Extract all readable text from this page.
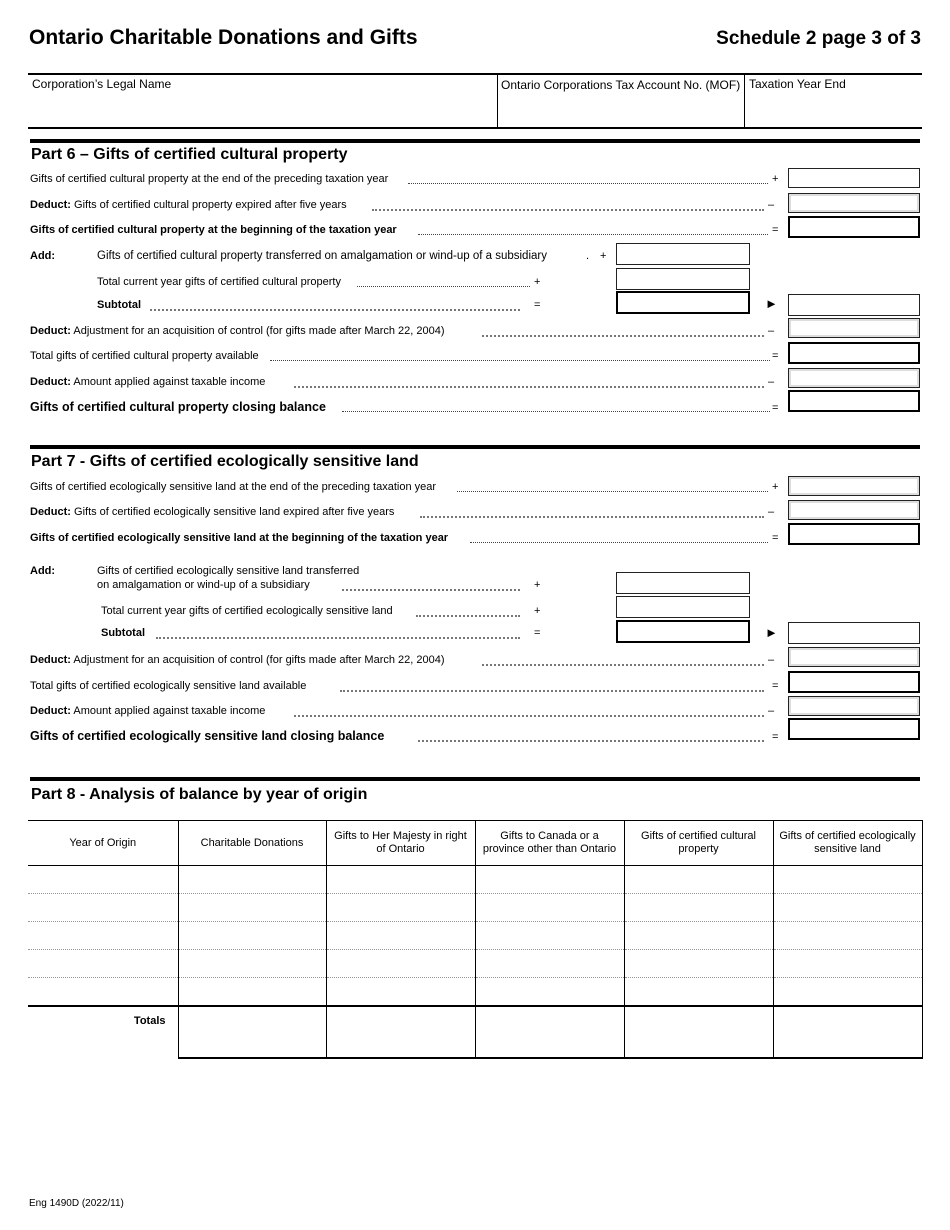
Ontario Charitable Donations and Gifts	Schedule 2 page 3 of 3
Corporation’s Legal Name	Ontario Corporations Tax Account No. (MOF) Taxation Year End
Part 6 – Gifts of certified cultural property
Gifts of certified cultural property at the end of the preceding taxation year	+
Deduct: Gifts of certified cultural property expired after five years	–
Gifts of certified cultural property at the beginning of the taxation year	=
Add:	Gifts of certified cultural property transferred on amalgamation or wind-up of a subsidiary	. +
Total current year gifts of certified cultural property	+
Subtotal	=	►
Deduct: Adjustment for an acquisition of control (for gifts made after March 22, 2004)	–
Total gifts of certified cultural property available	=
Deduct: Amount applied against taxable income	–
Gifts of certified cultural property closing balance	=
Part 7 - Gifts of certified ecologically sensitive land
Gifts of certified ecologically sensitive land at the end of the preceding taxation year	+
Deduct: Gifts of certified ecologically sensitive land expired after five years	–
Gifts of certified ecologically sensitive land at the beginning of the taxation year	=
Add:	Gifts of certified ecologically sensitive land transferred
on amalgamation or wind-up of a subsidiary	+
Total current year gifts of certified ecologically sensitive land	+
Subtotal	=	►
Deduct: Adjustment for an acquisition of control (for gifts made after March 22, 2004)	–
Total gifts of certified ecologically sensitive land available	=
Deduct: Amount applied against taxable income	–
Gifts of certified ecologically sensitive land closing balance	=
Part 8 - Analysis of balance by year of origin
Year of Origin	Charitable Donations	Gifts to Her Majesty in right of Ontario	Gifts to Canada or a province other than Ontario	Gifts of certified cultural property	Gifts of certified ecologically sensitive land

Totals					
Eng 1490D (2022/11)
